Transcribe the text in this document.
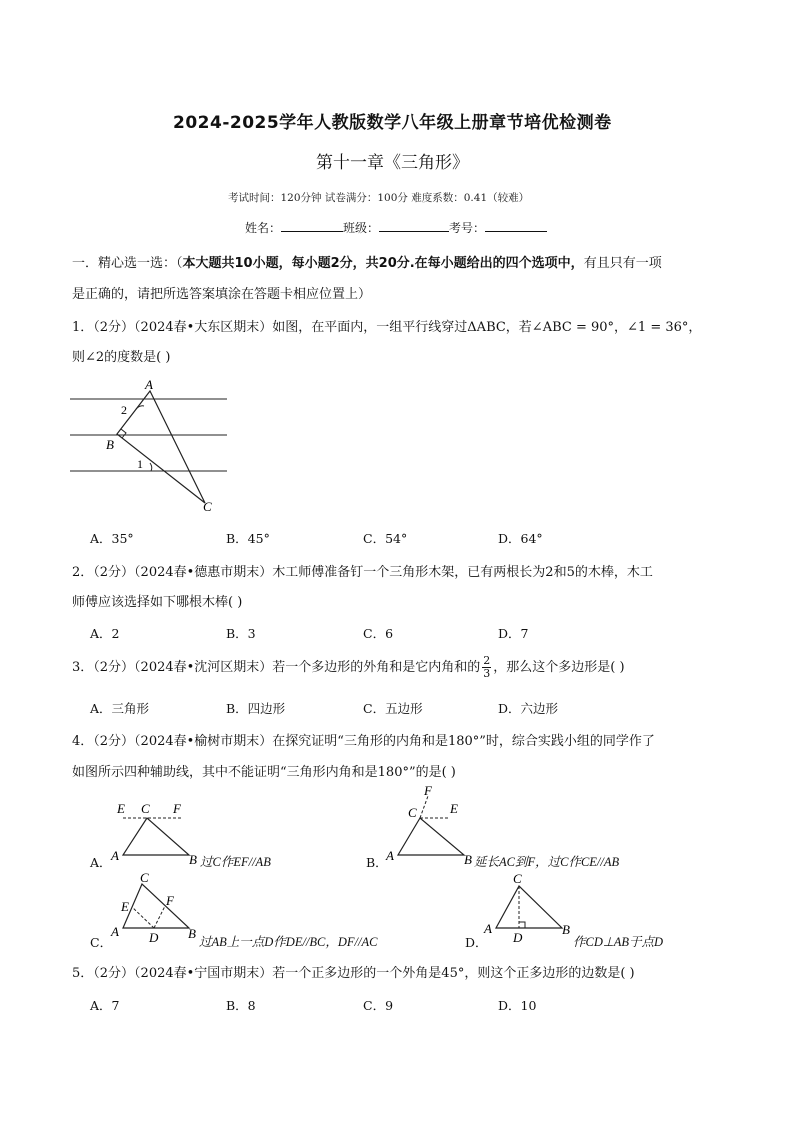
2024-2025学年人教版数学八年级上册章节培优检测卷
第十一章《三角形》
考试时间：120分钟 试卷满分：100分 难度系数：0.41（较难）
姓名：	班级：	考号：
一．精心选一选：（本大题共10小题，每小题2分，共20分.在每小题给出的四个选项中，有且只有一项
是正确的，请把所选答案填涂在答题卡相应位置上）
1．（2分）（2024春•大东区期末）如图，在平面内，一组平行线穿过ΔABC，若∠ABC = 90°，∠1 = 36°，
则∠2的度数是( )
A
B
C
1
2
A．35°	B．45°	C．54°	D．64°
2．（2分）（2024春•德惠市期末）木工师傅准备钉一个三角形木架，已有两根长为2和5的木棒，木工
师傅应该选择如下哪根木棒( )
A．2	B．3	C．6	D．7
3．（2分）（2024春•沈河区期末）若一个多边形的外角和是它内角和的 $\frac{2}{3}$ ，那么这个多边形是( )
A．三角形	B．四边形	C．五边形	D．六边形
4．（2分）（2024春•榆树市期末）在探究证明“三角形的内角和是180°”时，综合实践小组的同学作了
如图所示四种辅助线，其中不能证明“三角形内角和是180°”的是( )
E C F
A	B
A．	过C作EF//AB
F
E
C
A	B
B．	延长AC到F，过C作CE//AB
C
E	F
A D B
C．	过AB上一点D作DE//BC，DF//AC
C
A
D
B
D．	作CD⊥AB于点D
5．（2分）（2024春•宁国市期末）若一个正多边形的一个外角是45°，则这个正多边形的边数是( )
A．7	B．8	C．9	D．10
